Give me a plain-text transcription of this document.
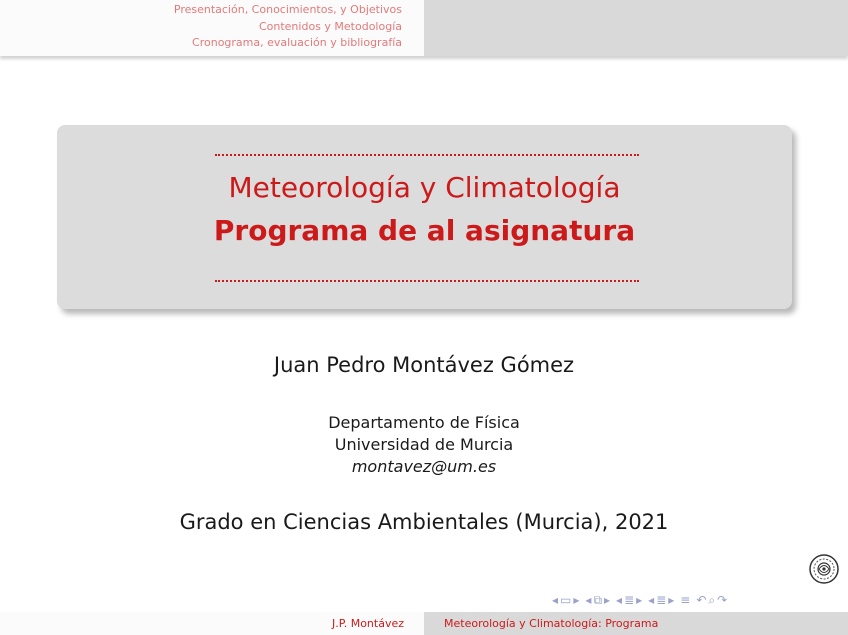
Presentación, Conocimientos, y Objetivos
Contenidos y Metodología
Cronograma, evaluación y bibliografía
Meteorología y Climatología
Programa de al asignatura
Juan Pedro Montávez Gómez
Departamento de Física
Universidad de Murcia
montavez@um.es
Grado en Ciencias Ambientales (Murcia), 2021
◂ ▭ ▸ ◂ ⧉ ▸ ◂ ≣ ▸ ◂ ≣ ▸ ≡ ↶ ⌕ ↷
J.P. Montávez	Meteorología y Climatología: Programa
